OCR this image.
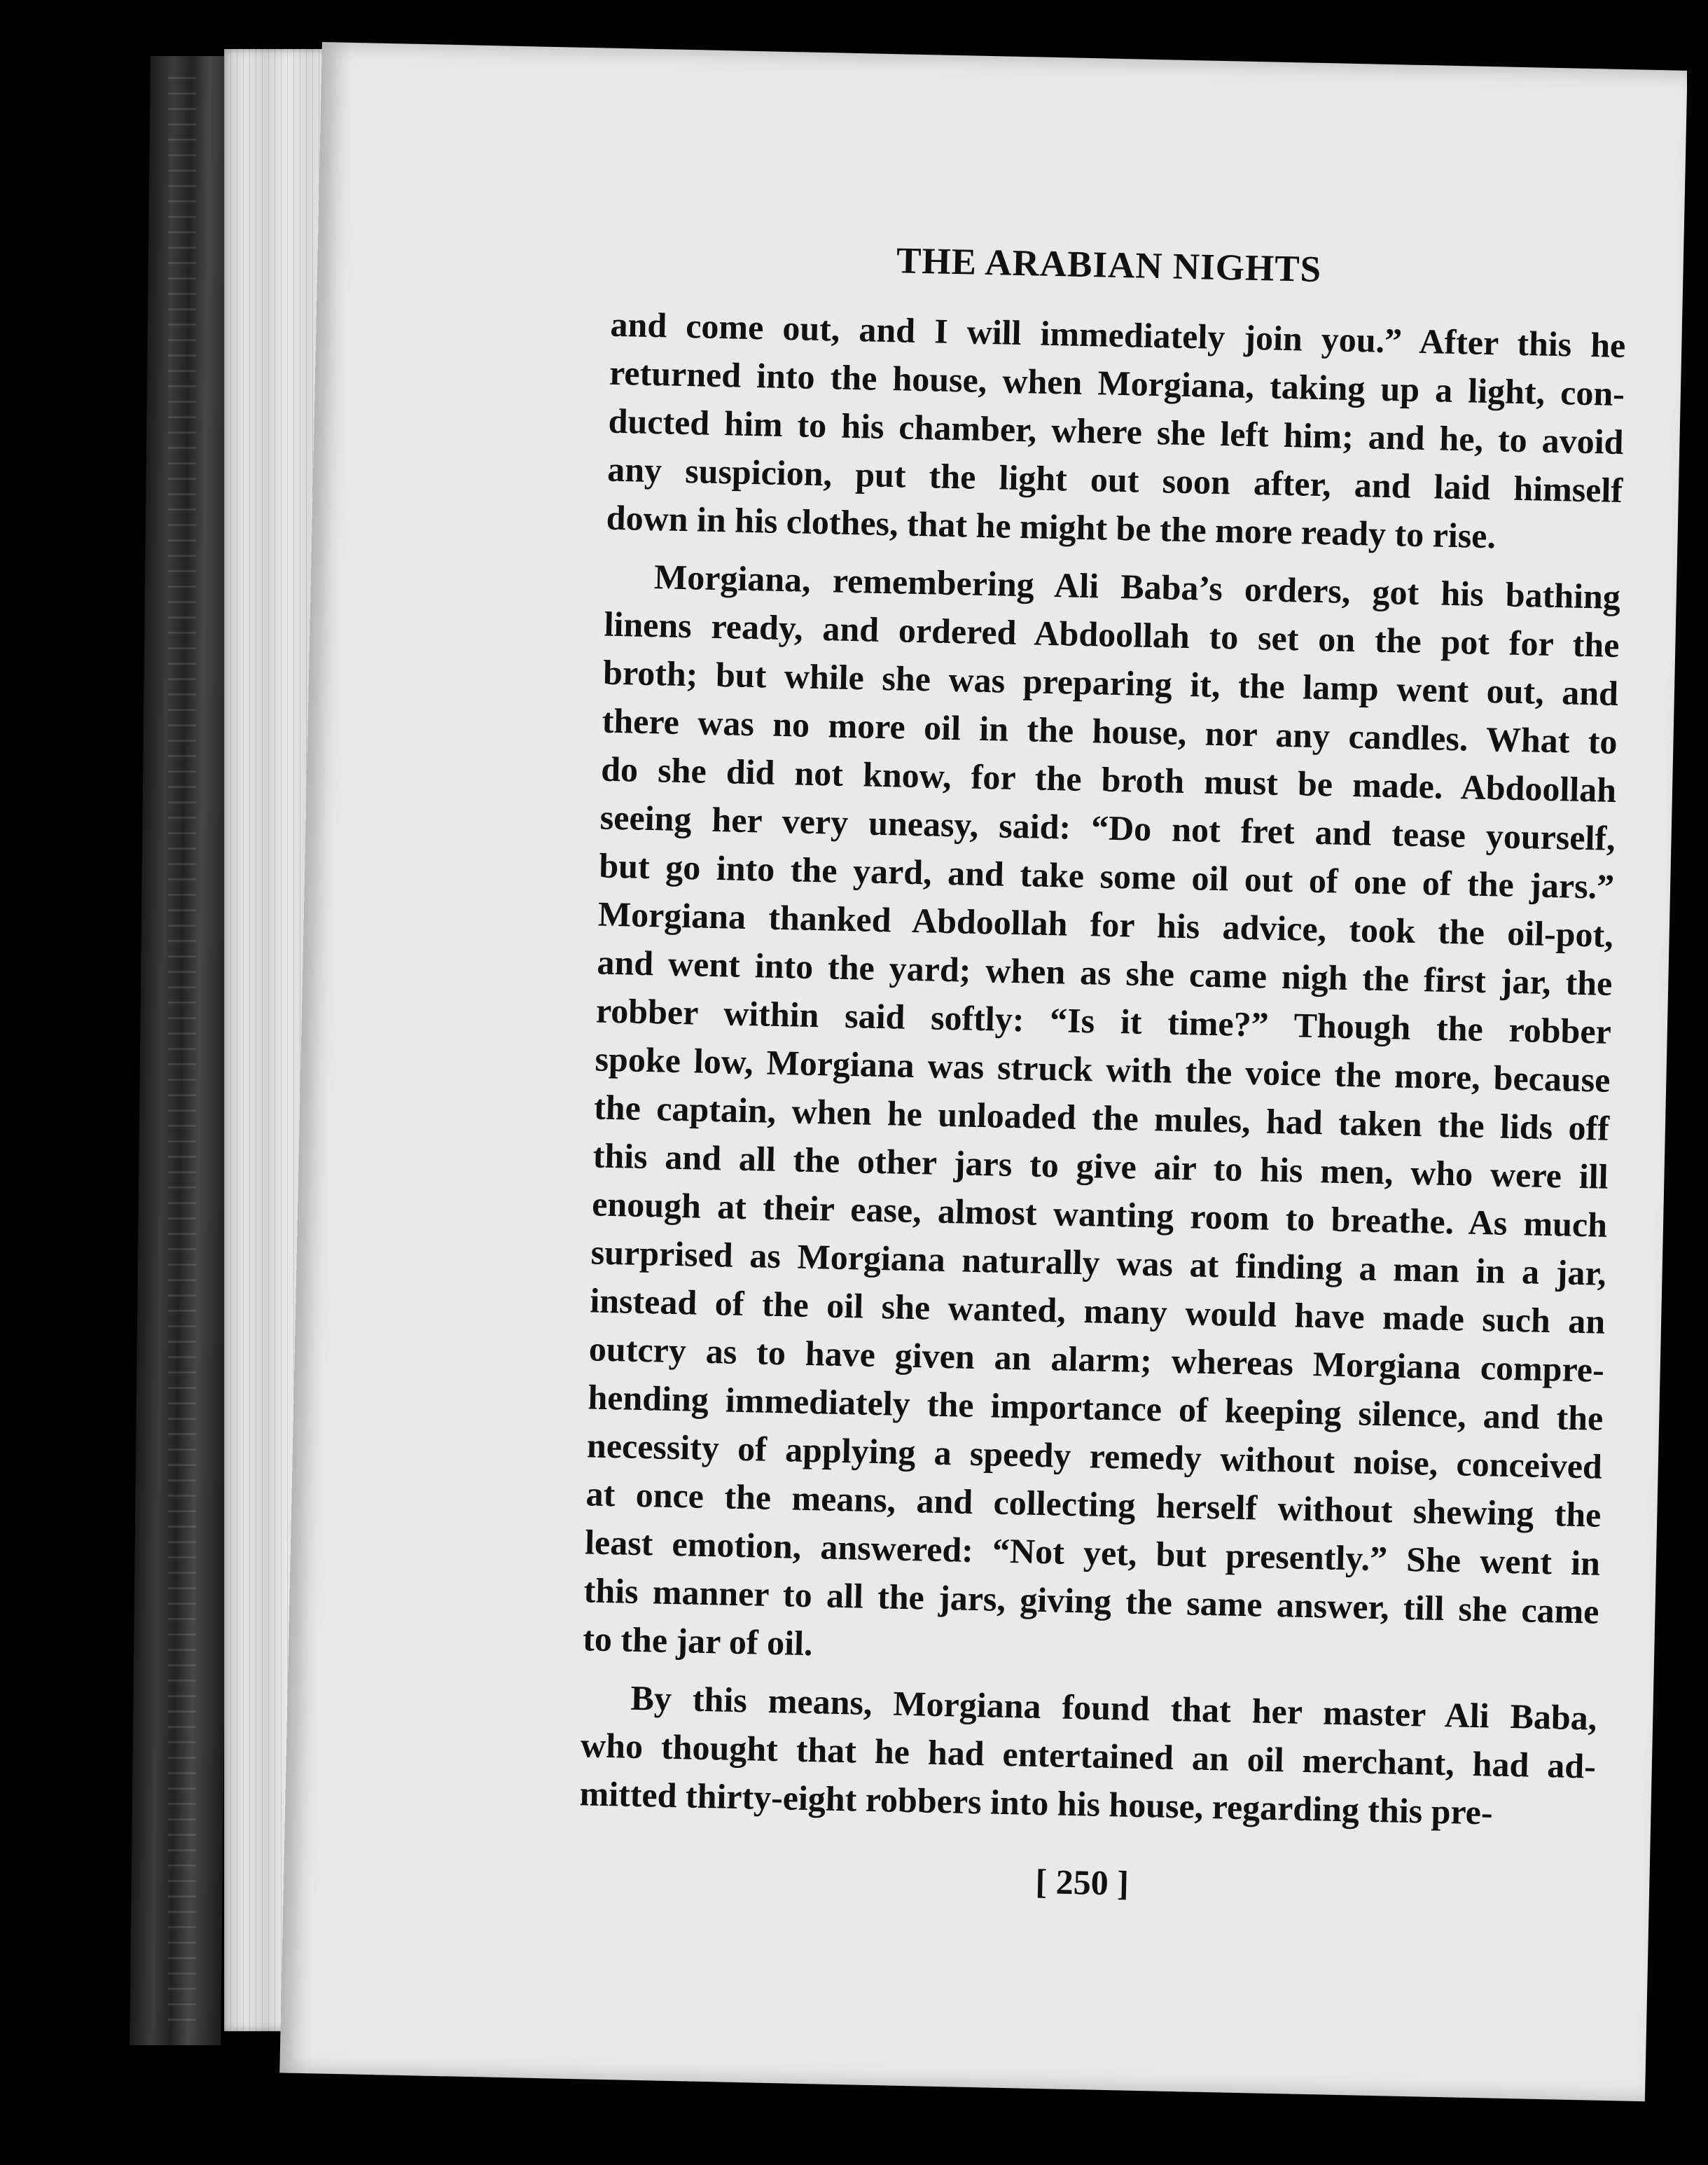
THE ARABIAN NIGHTS
and come out, and I will immediately join you.” After this he
returned into the house, when Morgiana, taking up a light, con-
ducted him to his chamber, where she left him; and he, to avoid
any suspicion, put the light out soon after, and laid himself
down in his clothes, that he might be the more ready to rise.
Morgiana, remembering Ali Baba’s orders, got his bathing
linens ready, and ordered Abdoollah to set on the pot for the
broth; but while she was preparing it, the lamp went out, and
there was no more oil in the house, nor any candles. What to
do she did not know, for the broth must be made. Abdoollah
seeing her very uneasy, said: “Do not fret and tease yourself,
but go into the yard, and take some oil out of one of the jars.”
Morgiana thanked Abdoollah for his advice, took the oil-pot,
and went into the yard; when as she came nigh the first jar, the
robber within said softly: “Is it time?” Though the robber
spoke low, Morgiana was struck with the voice the more, because
the captain, when he unloaded the mules, had taken the lids off
this and all the other jars to give air to his men, who were ill
enough at their ease, almost wanting room to breathe. As much
surprised as Morgiana naturally was at finding a man in a jar,
instead of the oil she wanted, many would have made such an
outcry as to have given an alarm; whereas Morgiana compre-
hending immediately the importance of keeping silence, and the
necessity of applying a speedy remedy without noise, conceived
at once the means, and collecting herself without shewing the
least emotion, answered: “Not yet, but presently.” She went in
this manner to all the jars, giving the same answer, till she came
to the jar of oil.
By this means, Morgiana found that her master Ali Baba,
who thought that he had entertained an oil merchant, had ad-
mitted thirty-eight robbers into his house, regarding this pre-
[ 250 ]
